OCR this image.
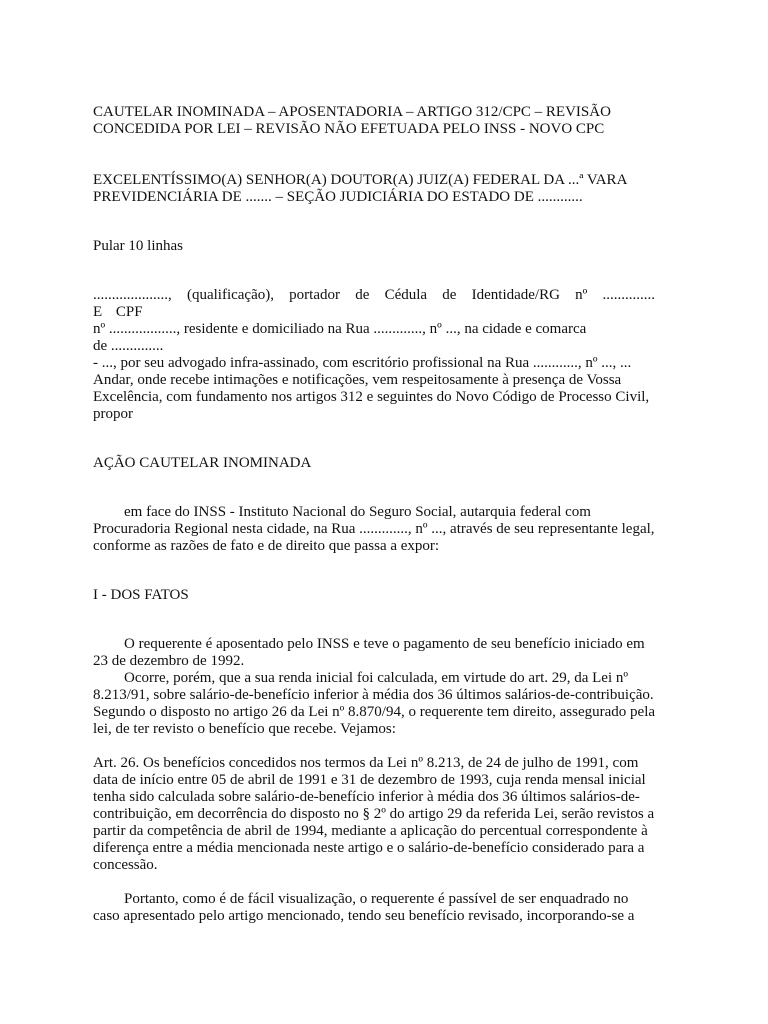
CAUTELAR INOMINADA – APOSENTADORIA – ARTIGO 312/CPC – REVISÃO
CONCEDIDA POR LEI – REVISÃO NÃO EFETUADA PELO INSS - NOVO CPC
EXCELENTÍSSIMO(A) SENHOR(A) DOUTOR(A) JUIZ(A) FEDERAL DA ...ª VARA
PREVIDENCIÁRIA DE ....... – SEÇÃO JUDICIÁRIA DO ESTADO DE ............
Pular 10 linhas
...................., (qualificação), portador de Cédula de Identidade/RG nº ..............
E CPF
nº .................., residente e domiciliado na Rua ............., nº ..., na cidade e comarca
de ..............
- ..., por seu advogado infra-assinado, com escritório profissional na Rua ............, nº ..., ...
Andar, onde recebe intimações e notificações, vem respeitosamente à presença de Vossa
Excelência, com fundamento nos artigos 312 e seguintes do Novo Código de Processo Civil,
propor
AÇÃO CAUTELAR INOMINADA
em face do INSS - Instituto Nacional do Seguro Social, autarquia federal com
Procuradoria Regional nesta cidade, na Rua ............., nº ..., através de seu representante legal,
conforme as razões de fato e de direito que passa a expor:
I - DOS FATOS
O requerente é aposentado pelo INSS e teve o pagamento de seu benefício iniciado em
23 de dezembro de 1992.
Ocorre, porém, que a sua renda inicial foi calculada, em virtude do art. 29, da Lei nº
8.213/91, sobre salário-de-benefício inferior à média dos 36 últimos salários-de-contribuição.
Segundo o disposto no artigo 26 da Lei nº 8.870/94, o requerente tem direito, assegurado pela
lei, de ter revisto o benefício que recebe. Vejamos:
Art. 26. Os benefícios concedidos nos termos da Lei nº 8.213, de 24 de julho de 1991, com
data de início entre 05 de abril de 1991 e 31 de dezembro de 1993, cuja renda mensal inicial
tenha sido calculada sobre salário-de-benefício inferior à média dos 36 últimos salários-de-
contribuição, em decorrência do disposto no § 2º do artigo 29 da referida Lei, serão revistos a
partir da competência de abril de 1994, mediante a aplicação do percentual correspondente à
diferença entre a média mencionada neste artigo e o salário-de-benefício considerado para a
concessão.
Portanto, como é de fácil visualização, o requerente é passível de ser enquadrado no
caso apresentado pelo artigo mencionado, tendo seu benefício revisado, incorporando-se a
